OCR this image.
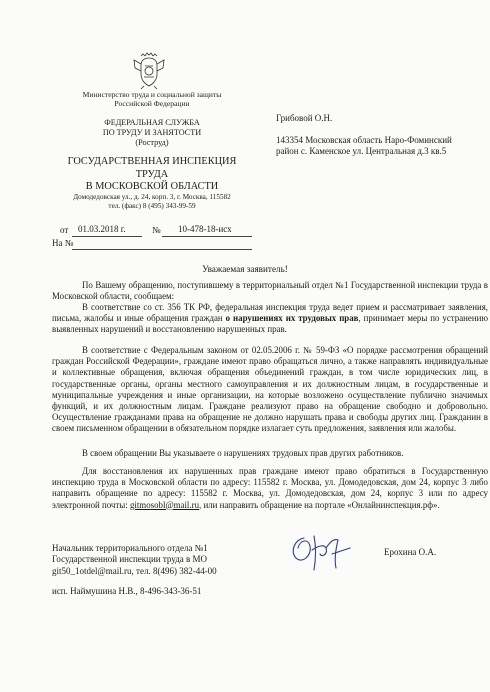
Министерство труда и социальной защиты
Российской Федерации
ФЕДЕРАЛЬНАЯ СЛУЖБА
ПО ТРУДУ И ЗАНЯТОСТИ
(Роструд)
ГОСУДАРСТВЕННАЯ ИНСПЕКЦИЯ ТРУДА
В МОСКОВСКОЙ ОБЛАСТИ
Домодедовская ул., д. 24, корп. 3, г. Москва, 115582
тел. (факс) 8 (495) 343-99-59
от 01.03.2018 г.	№ 10-478-18-исх
На №
Грибовой О.Н.
143354 Московская область Наро-Фоминский
район с. Каменское ул. Центральная д.3 кв.5
Уважаемая заявитель!

По Вашему обращению, поступившему в территориальный отдел №1 Государственной инспекции труда в Московской области, сообщаем:

В соответствие со ст. 356 ТК РФ, федеральная инспекция труда ведет прием и рассматривает заявления, письма, жалобы и иные обращения граждан о нарушениях их трудовых прав, принимает меры по устранению выявленных нарушений и восстановлению нарушенных прав.

В соответствие с Федеральным законом от 02.05.2006 г. № 59-ФЗ «О порядке рассмотрения обращений граждан Российской Федерации», граждане имеют право обращаться лично, а также направлять индивидуальные и коллективные обращения, включая обращения объединений граждан, в том числе юридических лиц, в государственные органы, органы местного самоуправления и их должностным лицам, в государственные и муниципальные учреждения и иные организации, на которые возложено осуществление публично значимых функций, и их должностным лицам. Граждане реализуют право на обращение свободно и добровольно. Осуществление гражданами права на обращение не должно нарушать права и свободы других лиц. Гражданин в своем письменном обращении в обязательном порядке излагает суть предложения, заявления или жалобы.

В своем обращении Вы указываете о нарушениях трудовых прав других работников.

Для восстановления их нарушенных прав граждане имеют право обратиться в Государственную инспекцию труда в Московской области по адресу: 115582 г. Москва, ул. Домодедовская, дом 24, корпус 3 либо направить обращение по адресу: 115582 г. Москва, ул. Домодедовская, дом 24, корпус 3 или по адресу электронной почты: gitmosobl@mail.ru, или направить обращение на портале «Онлайнинспекция.рф».

Начальник территориального отдела №1
Государственной инспекции труда в МО
git50_1otdel@mail.ru, тел. 8(496) 382-44-00
Ерохина О.А.
исп. Наймушина Н.В., 8-496-343-36-51
